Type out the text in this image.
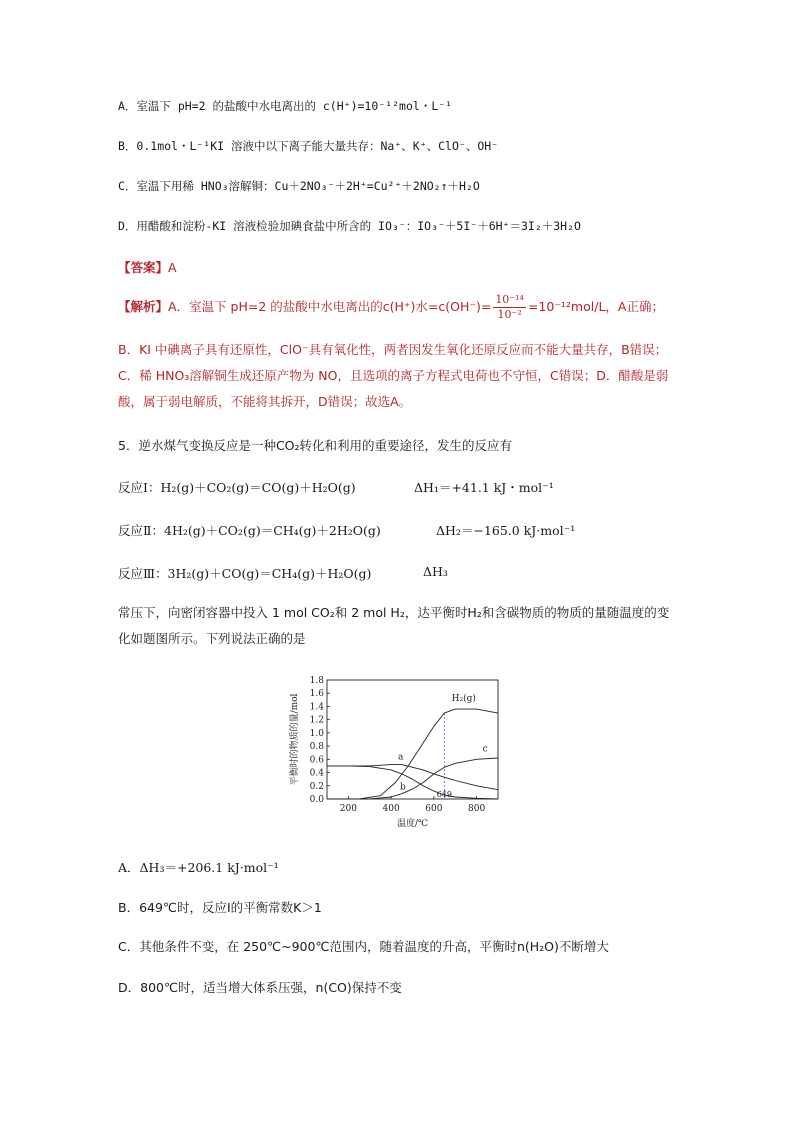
A．室温下 pH=2 的盐酸中水电离出的 c(H⁺)=10⁻¹²mol・L⁻¹
B．0.1mol・L⁻¹KI 溶液中以下离子能大量共存：Na⁺、K⁺、ClO⁻、OH⁻
C．室温下用稀 HNO₃溶解铜：Cu＋2NO₃⁻＋2H⁺=Cu²⁺＋2NO₂↑＋H₂O
D．用醋酸和淀粉-KI 溶液检验加碘食盐中所含的 IO₃⁻：IO₃⁻＋5I⁻＋6H⁺＝3I₂＋3H₂O
【答案】A
【解析】A．室温下 pH=2 的盐酸中水电离出的c(H⁺)水$=c(OH^-)= \frac{\text{10⁻¹⁴}}{\text{10⁻²}} =10^{-12}mol/L$，A正确；
B．KI 中碘离子具有还原性，ClO⁻具有氧化性，两者因发生氧化还原反应而不能大量共存，B错误；C．稀 HNO₃溶解铜生成还原产物为 NO，且选项的离子方程式电荷也不守恒，C错误；D．醋酸是弱酸，属于弱电解质，不能将其拆开，D错误；故选A。
5．逆水煤气变换反应是一种CO₂转化和利用的重要途径，发生的反应有
反应Ⅰ：H₂(g)＋CO₂(g)＝CO(g)＋H₂O(g)	ΔH₁＝+41.1 kJ・mol⁻¹
反应Ⅱ：4H₂(g)＋CO₂(g)＝CH₄(g)＋2H₂O(g)	ΔH₂＝−165.0 kJ·mol⁻¹
反应Ⅲ：3H₂(g)＋CO(g)＝CH₄(g)＋H₂O(g)	ΔH₃
常压下，向密闭容器中投入 1 mol CO₂和 2 mol H₂，达平衡时H₂和含碳物质的物质的量随温度的变化如题图所示。下列说法正确的是
0.0
0.2
0.4
0.6
0.8
1.0
1.2
1.4
1.6
1.8
200	400	600	800
649
H₂(g)
a
b
c
温度/℃
平衡时的物质的量/mol
A．ΔH₃＝+206.1 kJ·mol⁻¹
B．649℃时，反应Ⅰ的平衡常数K＞1
C．其他条件不变，在 250℃~900℃范围内，随着温度的升高，平衡时n(H₂O)不断增大
D．800℃时，适当增大体系压强，n(CO)保持不变
